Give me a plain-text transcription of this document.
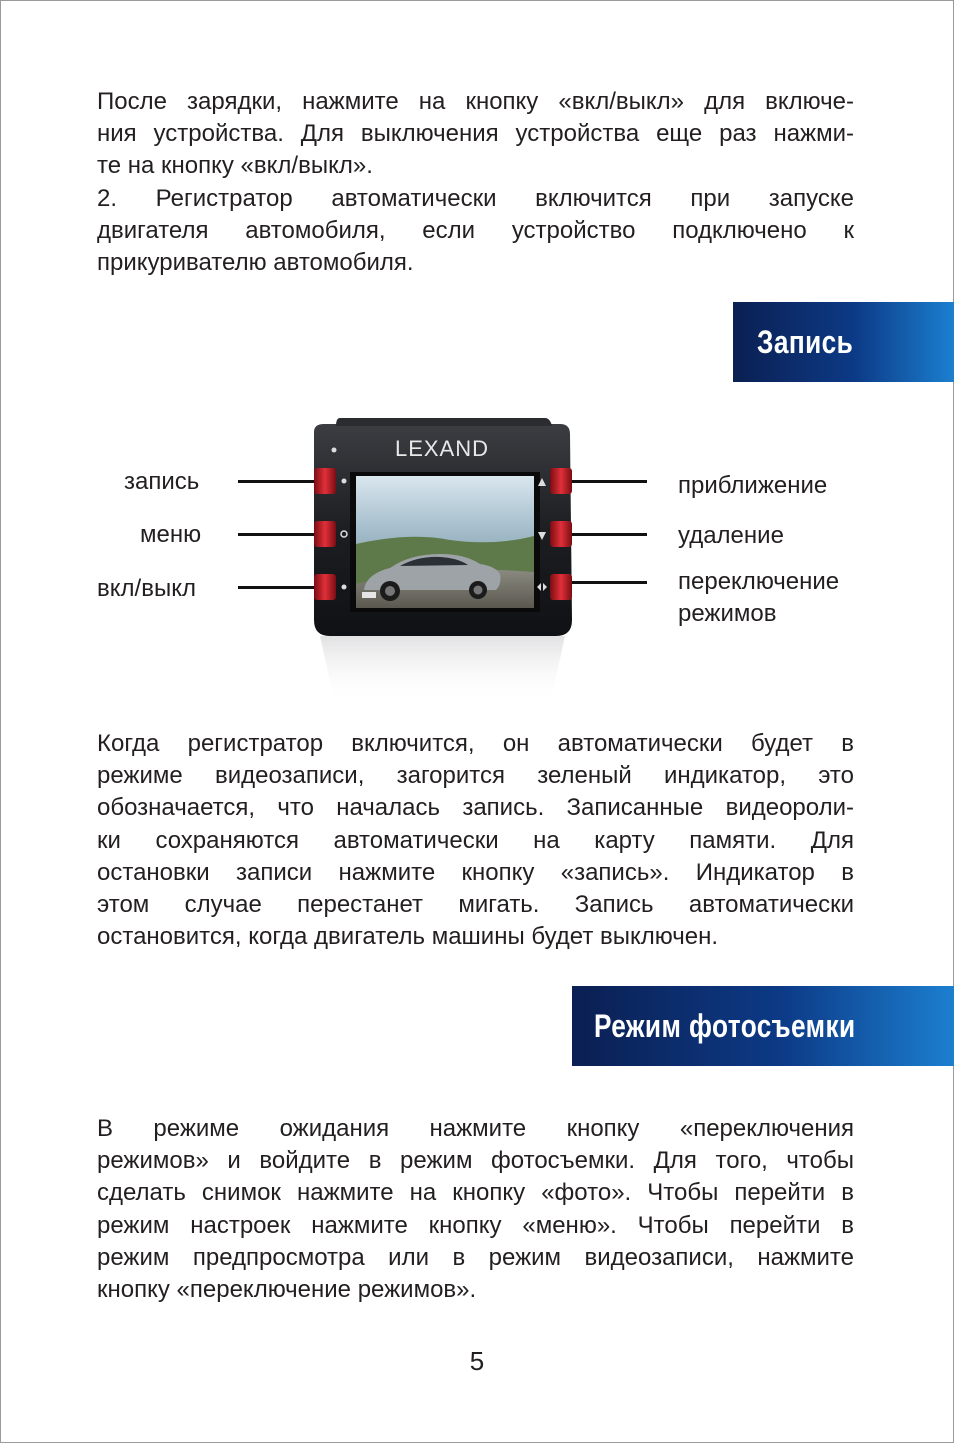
После зарядки, нажмите на кнопку «вкл/выкл» для включе-
ния устройства. Для выключения устройства еще раз нажми-
те на кнопку «вкл/выкл».
2. Регистратор автоматически включится при запуске
двигателя автомобиля, если устройство подключено к
прикуривателю автомобиля.
Запись
запись
меню
вкл/выкл
приближение
удаление
переключение
режимов
LEXAND
Когда регистратор включится, он автоматически будет в
режиме видеозаписи, загорится зеленый индикатор, это
обозначается, что началась запись. Записанные видеороли-
ки сохраняются автоматически на карту памяти. Для
остановки записи нажмите кнопку «запись». Индикатор в
этом случае перестанет мигать. Запись автоматически
остановится, когда двигатель машины будет выключен.
Режим фотосъемки
В режиме ожидания нажмите кнопку «переключения
режимов» и войдите в режим фотосъемки. Для того, чтобы
сделать снимок нажмите на кнопку «фото». Чтобы перейти в
режим настроек нажмите кнопку «меню». Чтобы перейти в
режим предпросмотра или в режим видеозаписи, нажмите
кнопку «переключение режимов».
5
